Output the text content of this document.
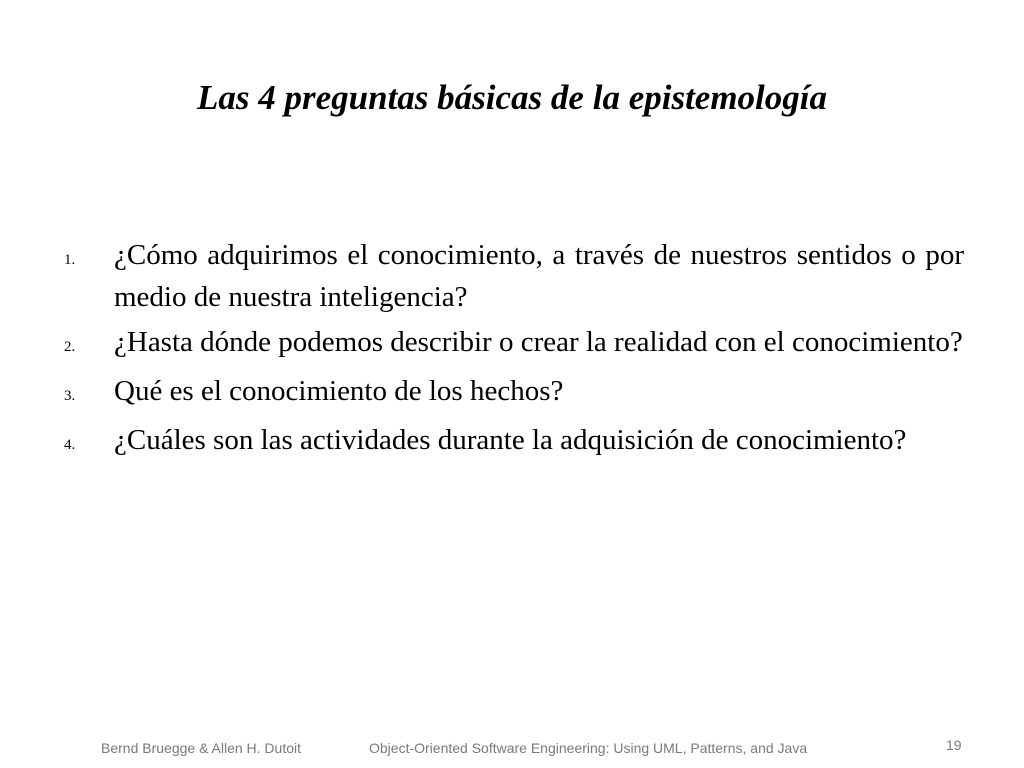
Las 4 preguntas básicas de la epistemología
1.	¿Cómo adquirimos el conocimiento, a través de nuestros sentidos o por medio de nuestra inteligencia?
2.	¿Hasta dónde podemos describir o crear la realidad con el conocimiento?
3.	Qué es el conocimiento de los hechos?
4.	¿Cuáles son las actividades durante la adquisición de conocimiento?
Bernd Bruegge & Allen H. Dutoit	Object-Oriented Software Engineering: Using UML, Patterns, and Java	19
